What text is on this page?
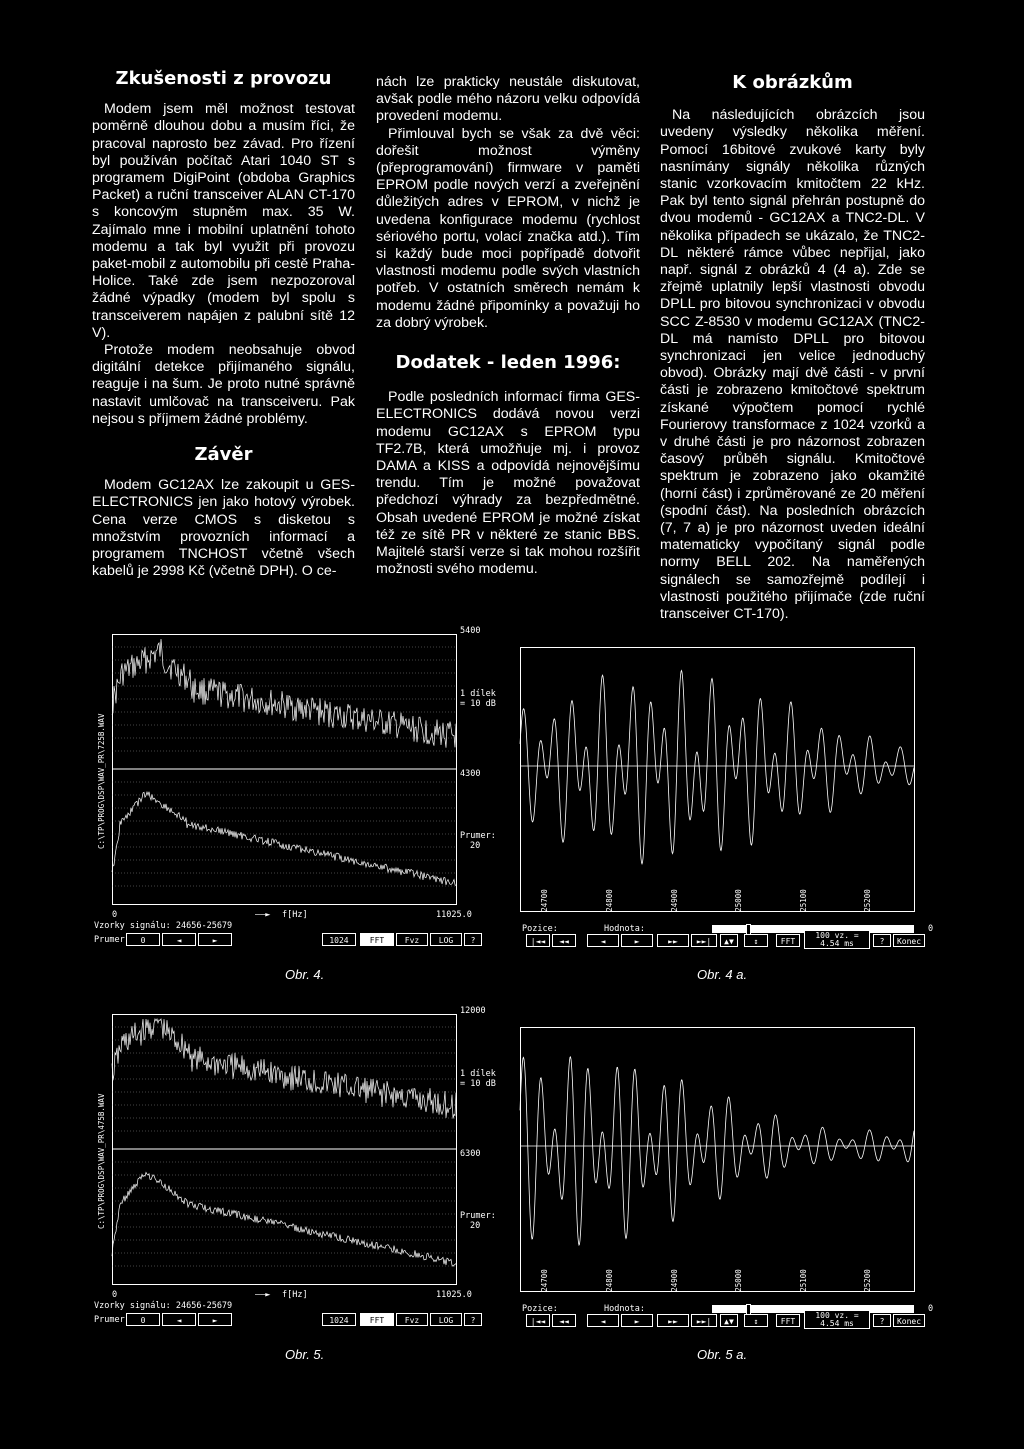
Zkušenosti z provozu

Modem jsem měl možnost testovat poměrně dlouhou dobu a musím říci, že pracoval naprosto bez závad. Pro řízení byl používán počítač Atari 1040 ST s programem DigiPoint (obdoba Graphics Packet) a ruční transceiver ALAN CT-170 s koncovým stupněm max. 35 W. Zajímalo mne i mobilní uplatnění tohoto modemu a tak byl využit při provozu paket-mobil z automobilu při cestě Praha-Holice. Také zde jsem nezpozoroval žádné výpadky (modem byl spolu s transceiverem napájen z palubní sítě 12 V).

Protože modem neobsahuje obvod digitální detekce přijímaného signálu, reaguje i na šum. Je proto nutné správně nastavit umlčovač na transceiveru. Pak nejsou s příjmem žádné problémy.

Závěr

Modem GC12AX lze zakoupit u GES-ELECTRONICS jen jako hotový výrobek. Cena verze CMOS s disketou s množstvím provozních informací a programem TNCHOST včetně všech kabelů je 2998 Kč (včetně DPH). O ce-

nách lze prakticky neustále diskutovat, avšak podle mého názoru velku odpovídá provedení modemu.

Přimlouval bych se však za dvě věci: dořešit možnost výměny (přeprogramování) firmware v paměti EPROM podle nových verzí a zveřejnění důležitých adres v EPROM, v nichž je uvedena konfigurace modemu (rychlost sériového portu, volací značka atd.). Tím si každý bude moci popřípadě dotvořit vlastnosti modemu podle svých vlastních potřeb. V ostatních směrech nemám k modemu žádné připomínky a považuji ho za dobrý výrobek.

Dodatek - leden 1996:

Podle posledních informací firma GES-ELECTRONICS dodává novou verzi modemu GC12AX s EPROM typu TF2.7B, která umožňuje mj. i provoz DAMA a KISS a odpovídá nejnovějšímu trendu. Tím je možné považovat předchozí výhrady za bezpředmětné. Obsah uvedené EPROM je možné získat též ze sítě PR v některé ze stanic BBS. Majitelé starší verze si tak mohou rozšířit možnosti svého modemu.

K obrázkům

Na následujících obrázcích jsou uvedeny výsledky několika měření. Pomocí 16bitové zvukové karty byly nasnímány signály několika různých stanic vzorkovacím kmitočtem 22 kHz. Pak byl tento signál přehrán postupně do dvou modemů - GC12AX a TNC2-DL. V několika případech se ukázalo, že TNC2-DL některé rámce vůbec nepřijal, jako např. signál z obrázků 4 (4 a). Zde se zřejmě uplatnily lepší vlastnosti obvodu DPLL pro bitovou synchronizaci v obvodu SCC Z-8530 v modemu GC12AX (TNC2-DL má namísto DPLL pro bitovou synchronizaci jen velice jednoduchý obvod). Obrázky mají dvě části - v první části je zobrazeno kmitočtové spektrum získané výpočtem pomocí rychlé Fourierovy transformace z 1024 vzorků a v druhé části je pro názornost zobrazen časový průběh signálu. Kmitočtové spektrum je zobrazeno jako okamžité (horní část) i zprůměrované ze 20 měření (spodní část). Na posledních obrázcích (7, 7 a) je pro názornost uveden ideální matematicky vypočítaný signál podle normy BELL 202. Na naměřených signálech se samozřejmě podílejí i vlastnosti použitého přijímače (zde ruční transceiver CT-170).

5400
1 dílek
= 10 dB
4300
Prumer:
20
C:\TP\PROG\DSP\WAV_PR\725B.WAV
0	——► f[Hz]	11025.0
Vzorky signálu: 24656-25679
Prumer	0	◄	►	1024	FFT	Fvz	LOG	?
24700	24800	24900	25000	25100	25200
Pozice:	Hodnota:	0
|◄◄	◄◄	◄	►	►►	►►|	▲▼	↕	FFT	?	Konec
100 vz. =
4.54 ms
Obr. 4.	Obr. 4 a.
12000
1 dílek
= 10 dB
6300
Prumer:
20
C:\TP\PROG\DSP\WAV_PR\475B.WAV
0	——► f[Hz]	11025.0
Vzorky signálu: 24656-25679
Prumer	0	◄	►	1024	FFT	Fvz	LOG	?
24700	24800	24900	25000	25100	25200
Pozice:	Hodnota:	0
|◄◄	◄◄	◄	►	►►	►►|	▲▼	↕	FFT	?	Konec
100 vz. =
4.54 ms
Obr. 5.	Obr. 5 a.
